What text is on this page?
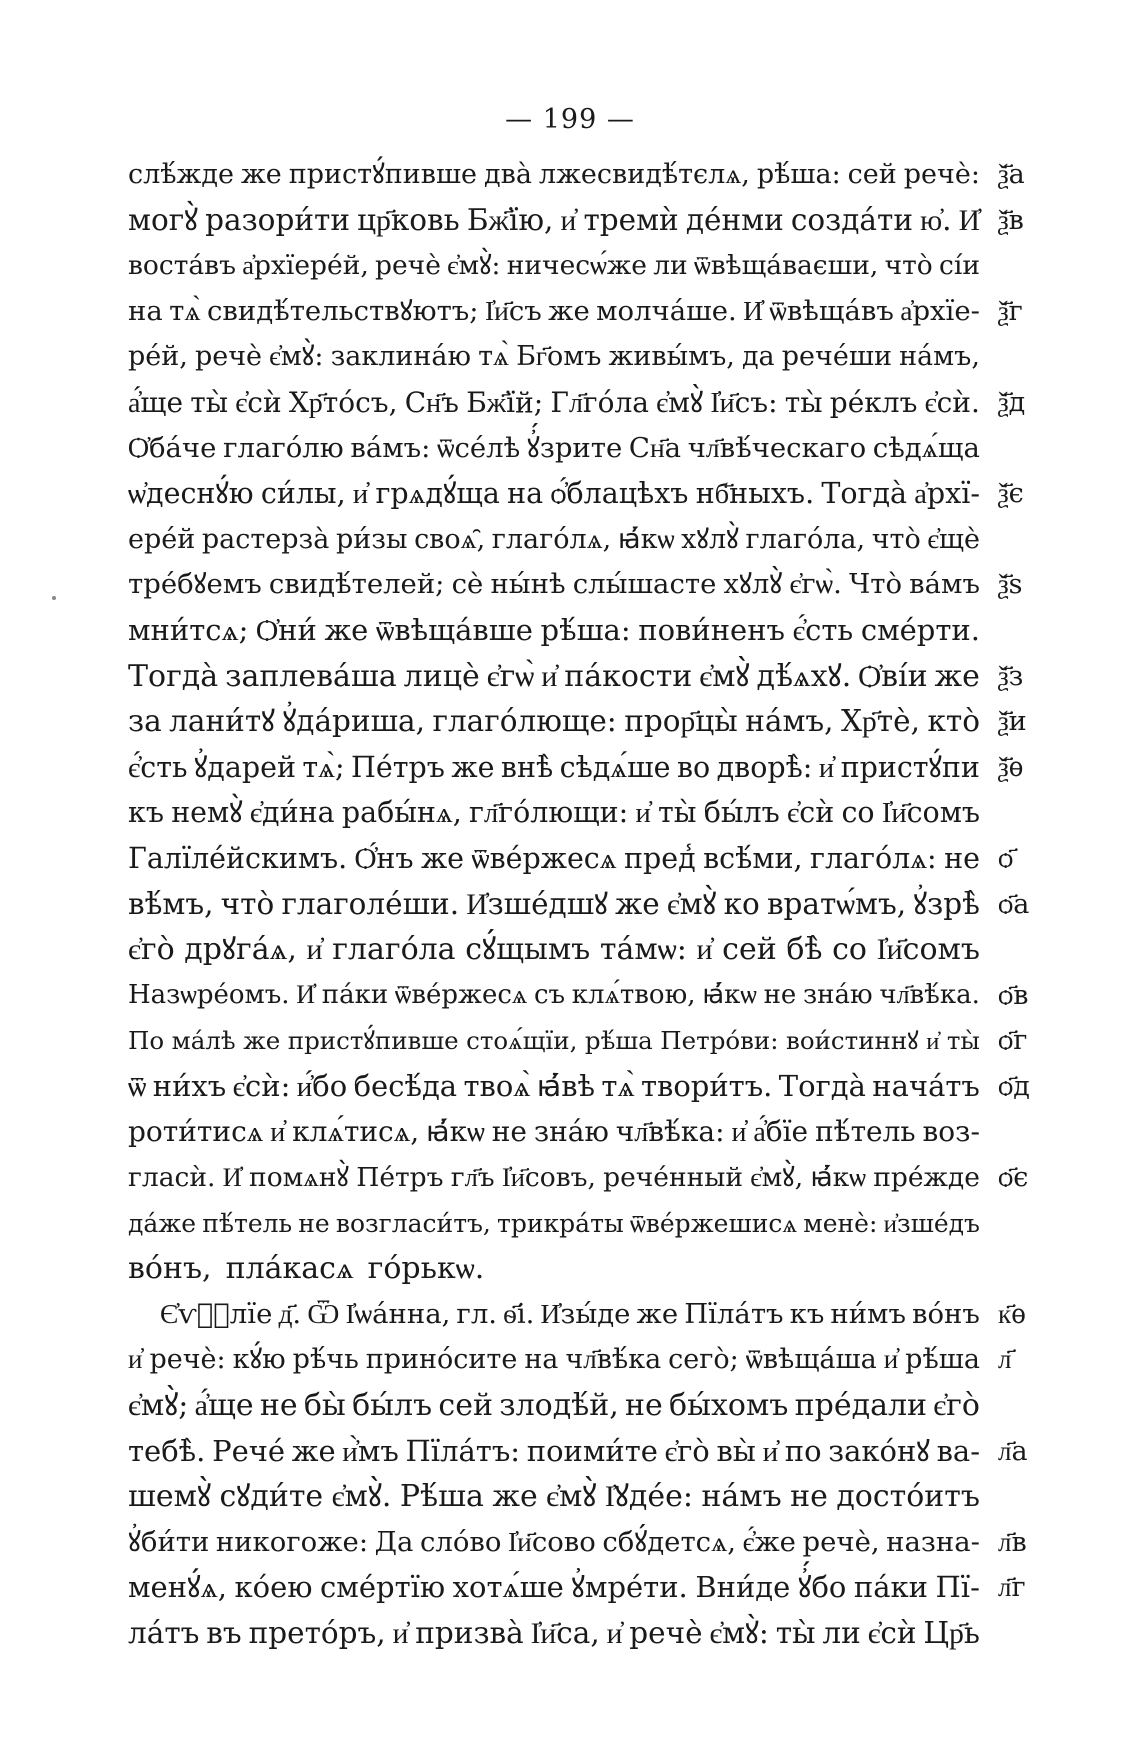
— 199 —
слѣ́жде же пристꙋ́пивше два̀ лжесвидѣ́тєлѧ, рѣ́ша: сей речѐ: ѯ҃а
могꙋ̀ разори́ти цр҃ковь Бж҃їю, и҆ тремѝ де́нми созда́ти ю҆. И҆ ѯ҃в
воста́въ а҆рхїере́й, речѐ є҆мꙋ̀: ничесѡ́же ли ѿвѣща́ваєши, что̀ сі́и
на тѧ̀ свидѣ́тельствꙋютъ; І҆и҃съ же молча́ше. И҆ ѿвѣща́въ а҆рхїе- ѯ҃г
ре́й, речѐ є҆мꙋ̀: заклина́ю тѧ̀ Бг҃омъ живы́мъ, да рече́ши на́мъ,
а҆́ще ты̀ є҆сѝ Хр҃то́съ, Сн҃ъ Бж҃їй; Гл҃го́ла є҆мꙋ̀ І҆и҃съ: ты̀ ре́клъ є҆сѝ. ѯ҃д
Ѻ҆ба́че глаго́лю ва́мъ: ѿсе́лѣ ꙋ҆́зрите Сн҃а чл҃вѣ́ческаго сѣдѧ́ща
ѡ҆деснꙋ́ю си́лы, и҆ грѧдꙋ́ща на ѻ҆́блацѣхъ нб҃ныхъ. Тогда̀ а҆рхї- ѯ҃є
ере́й растерза̀ ри́зы своѧ̑, глаго́лѧ, ꙗ҆́кѡ хꙋлꙋ̀ глаго́ла, что̀ є҆щѐ
тре́бꙋемъ свидѣ́телей; сѐ ны́нѣ слы́шасте хꙋлꙋ̀ є҆гѡ̀. Что̀ ва́мъ ѯ҃ѕ
мни́тсѧ; Ѻ҆ни́ же ѿвѣща́вше рѣ́ша: пови́ненъ є҆́сть сме́рти.
Тогда̀ заплева́ша лицѐ є҆гѡ̀ и҆ па́кости є҆мꙋ̀ дѣ́ѧхꙋ. Ѻ҆ві́и же ѯ҃з
за лани́тꙋ ꙋ҆да́риша, глаго́люще: прор҃цы̀ на́мъ, Хр҃тѐ, кто̀ ѯ҃и
є҆́сть ꙋ҆дарей тѧ̀; Пе́тръ же внѣ̀ сѣдѧ́ше во дворѣ̀: и҆ пристꙋ́пи ѯ҃ѳ
къ немꙋ̀ є҆ди́на рабы́нѧ, гл҃го́лющи: и҆ ты̀ бы́лъ є҆сѝ со І҆и҃сомъ
Галїле́йскимъ. Ѻ҆́нъ же ѿве́ржесѧ пред̾ всѣ́ми, глаго́лѧ: не ѻ҃
вѣ́мъ, что̀ глаголе́ши. И҆зше́дшꙋ же є҆мꙋ̀ ко вратѡ́мъ, ꙋ҆зрѣ̀ ѻ҃а
є҆го̀ дрꙋга́ѧ, и҆ глаго́ла сꙋ́щымъ та́мѡ: и҆ сей бѣ̀ со І҆и҃сомъ
Назѡре́омъ. И҆ па́ки ѿве́ржесѧ съ клѧ́твою, ꙗ҆́кѡ не зна́ю чл҃вѣ́ка. ѻ҃в
По ма́лѣ же пристꙋ́пивше стоѧ́щїи, рѣ́ша Петро́ви: вои́стиннꙋ и҆ ты̀ ѻ҃г
ѿ ни́хъ є҆сѝ: и҆́бо бесѣ́да твоѧ̀ ꙗ҆́вѣ тѧ̀ твори́тъ. Тогда̀ нача́тъ ѻ҃д
роти́тисѧ и҆ клѧ́тисѧ, ꙗ҆́кѡ не зна́ю чл҃вѣ́ка: и҆ а҆́бїе пѣ́тель воз-
гласѝ. И҆ помѧнꙋ̀ Пе́тръ гл҃ъ І҆и҃совъ, рече́нный є҆мꙋ̀, ꙗ҆́кѡ пре́жде ѻ҃є
да́же пѣ́тель не возгласи́тъ, трикра́ты ѿве́ржешисѧ менѐ: и҆зше́дъ
во́нъ, пла́касѧ го́рькѡ.
Є҆ѵⷢ҇лїе д҃. Ѿ І҆ѡа́нна, гл. ѳ҃і. И҆зы́де же Пїла́тъ къ ни́мъ во́нъ к҃ѳ
и҆ речѐ: кꙋ́ю рѣ́чь прино́сите на чл҃вѣ́ка сего̀; ѿвѣща́ша и҆ рѣ́ша л҃
є҆мꙋ̀; а҆́ще не бы̀ бы́лъ сей злодѣ́й, не бы́хомъ пре́дали є҆го̀
тебѣ̀. Рече́ же и҆̀мъ Пїла́тъ: поими́те є҆го̀ вы̀ и҆ по зако́нꙋ ва- л҃а
шемꙋ̀ сꙋди́те є҆мꙋ̀. Рѣ́ша же є҆мꙋ̀ І҆ꙋде́е: на́мъ не досто́итъ
ꙋ҆би́ти никогоже: Да сло́во І҆и҃сово сбꙋ́детсѧ, є҆́же речѐ, назна- л҃в
менꙋ́ѧ, ко́ею сме́ртїю хотѧ́ше ꙋ҆мре́ти. Вни́де ꙋ҆́бо па́ки Пї- л҃г
ла́тъ въ прето́ръ, и҆ призва̀ І҆и҃са, и҆ речѐ є҆мꙋ̀: ты̀ ли є҆сѝ Цр҃ь
